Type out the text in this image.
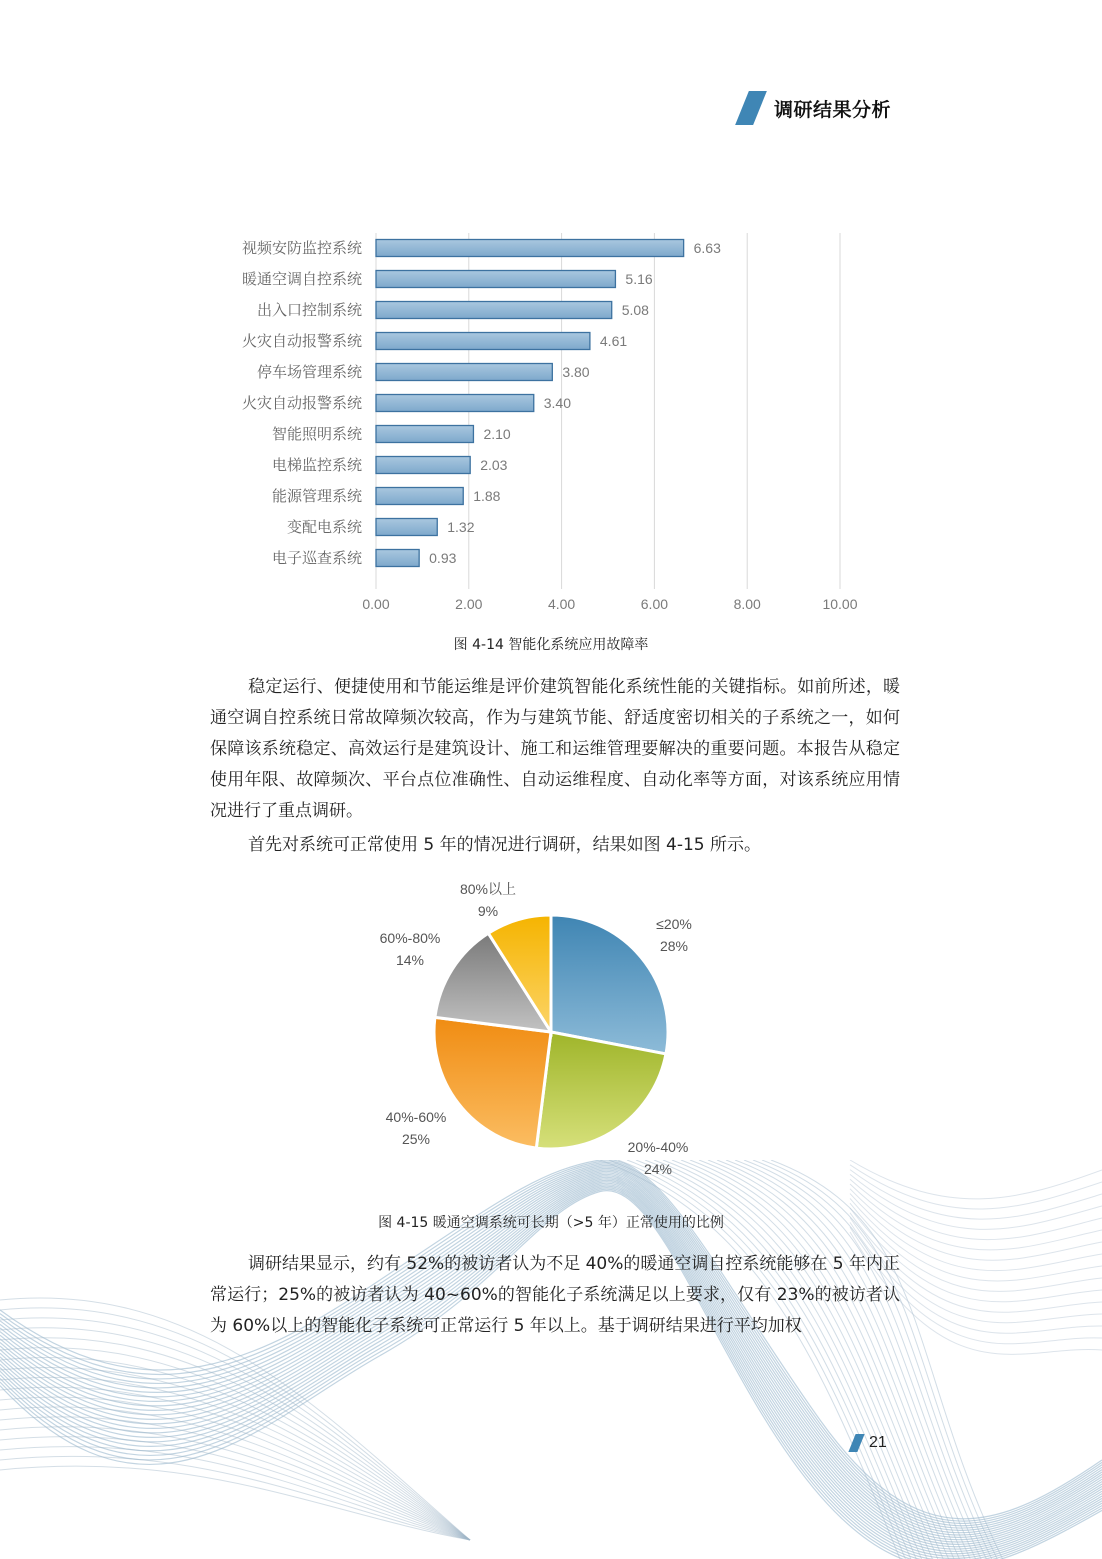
调研结果分析
0.00	2.00	4.00	6.00	8.00	10.00
视频安防监控系统	6.63
暖通空调自控系统	5.16
出入口控制系统	5.08
火灾自动报警系统	4.61
停车场管理系统	3.80
火灾自动报警系统	3.40
智能照明系统	2.10
电梯监控系统	2.03
能源管理系统	1.88
变配电系统	1.32
电子巡查系统	0.93
图 4-14 智能化系统应用故障率
稳定运行、便捷使用和节能运维是评价建筑智能化系统性能的关键指标。如前所述，暖通空调自控系统日常故障频次较高，作为与建筑节能、舒适度密切相关的子系统之一，如何保障该系统稳定、高效运行是建筑设计、施工和运维管理要解决的重要问题。本报告从稳定使用年限、故障频次、平台点位准确性、自动运维程度、自动化率等方面，对该系统应用情况进行了重点调研。
首先对系统可正常使用 5 年的情况进行调研，结果如图 4-15 所示。
≤20%
28%
20%-40%
24%
40%-60%
25%
60%-80%
14%
80%以上
9%
图 4-15 暖通空调系统可长期（>5 年）正常使用的比例
调研结果显示，约有 52%的被访者认为不足 40%的暖通空调自控系统能够在 5 年内正常运行；25%的被访者认为 40~60%的智能化子系统满足以上要求，仅有 23%的被访者认为 60%以上的智能化子系统可正常运行 5 年以上。基于调研结果进行平均加权
21
